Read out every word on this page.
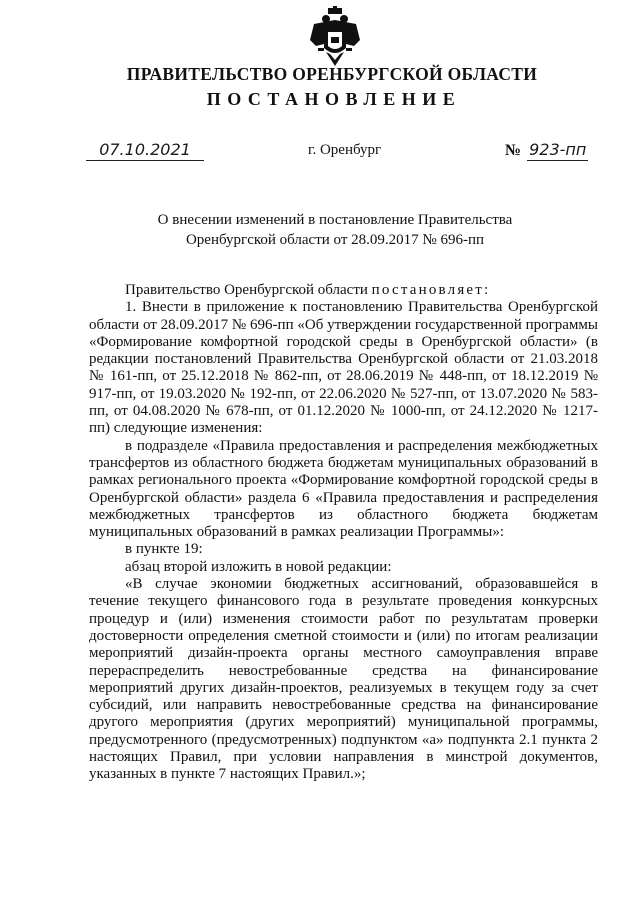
ПРАВИТЕЛЬСТВО ОРЕНБУРГСКОЙ ОБЛАСТИ
ПОСТАНОВЛЕНИЕ
07.10.2021	г. Оренбург	№ 923-пп
О внесении изменений в постановление Правительства
Оренбургской области от 28.09.2017 № 696-пп

Правительство Оренбургской области постановляет:

1. Внести в приложение к постановлению Правительства Оренбургской области от 28.09.2017 № 696-пп «Об утверждении государственной программы «Формирование комфортной городской среды в Оренбургской области» (в редакции постановлений Правительства Оренбургской области от 21.03.2018 № 161-пп, от 25.12.2018 № 862-пп, от 28.06.2019 № 448-пп, от 18.12.2019 № 917-пп, от 19.03.2020 № 192-пп, от 22.06.2020 № 527-пп, от 13.07.2020 № 583-пп, от 04.08.2020 № 678-пп, от 01.12.2020 № 1000-пп, от 24.12.2020 № 1217-пп) следующие изменения:

в подразделе «Правила предоставления и распределения межбюджетных трансфертов из областного бюджета бюджетам муниципальных образований в рамках регионального проекта «Формирование комфортной городской среды в Оренбургской области» раздела 6 «Правила предоставления и распределения межбюджетных трансфертов из областного бюджета бюджетам муниципальных образований в рамках реализации Программы»:

в пункте 19:

абзац второй изложить в новой редакции:

«В случае экономии бюджетных ассигнований, образовавшейся в течение текущего финансового года в результате проведения конкурсных процедур и (или) изменения стоимости работ по результатам проверки достоверности определения сметной стоимости и (или) по итогам реализации мероприятий дизайн-проекта органы местного самоуправления вправе перераспределить невостребованные средства на финансирование мероприятий других дизайн-проектов, реализуемых в текущем году за счет субсидий, или направить невостребованные средства на финансирование другого мероприятия (других мероприятий) муниципальной программы, предусмотренного (предусмотренных) подпунктом «а» подпункта 2.1 пункта 2 настоящих Правил, при условии направления в минстрой документов, указанных в пункте 7 настоящих Правил.»;
